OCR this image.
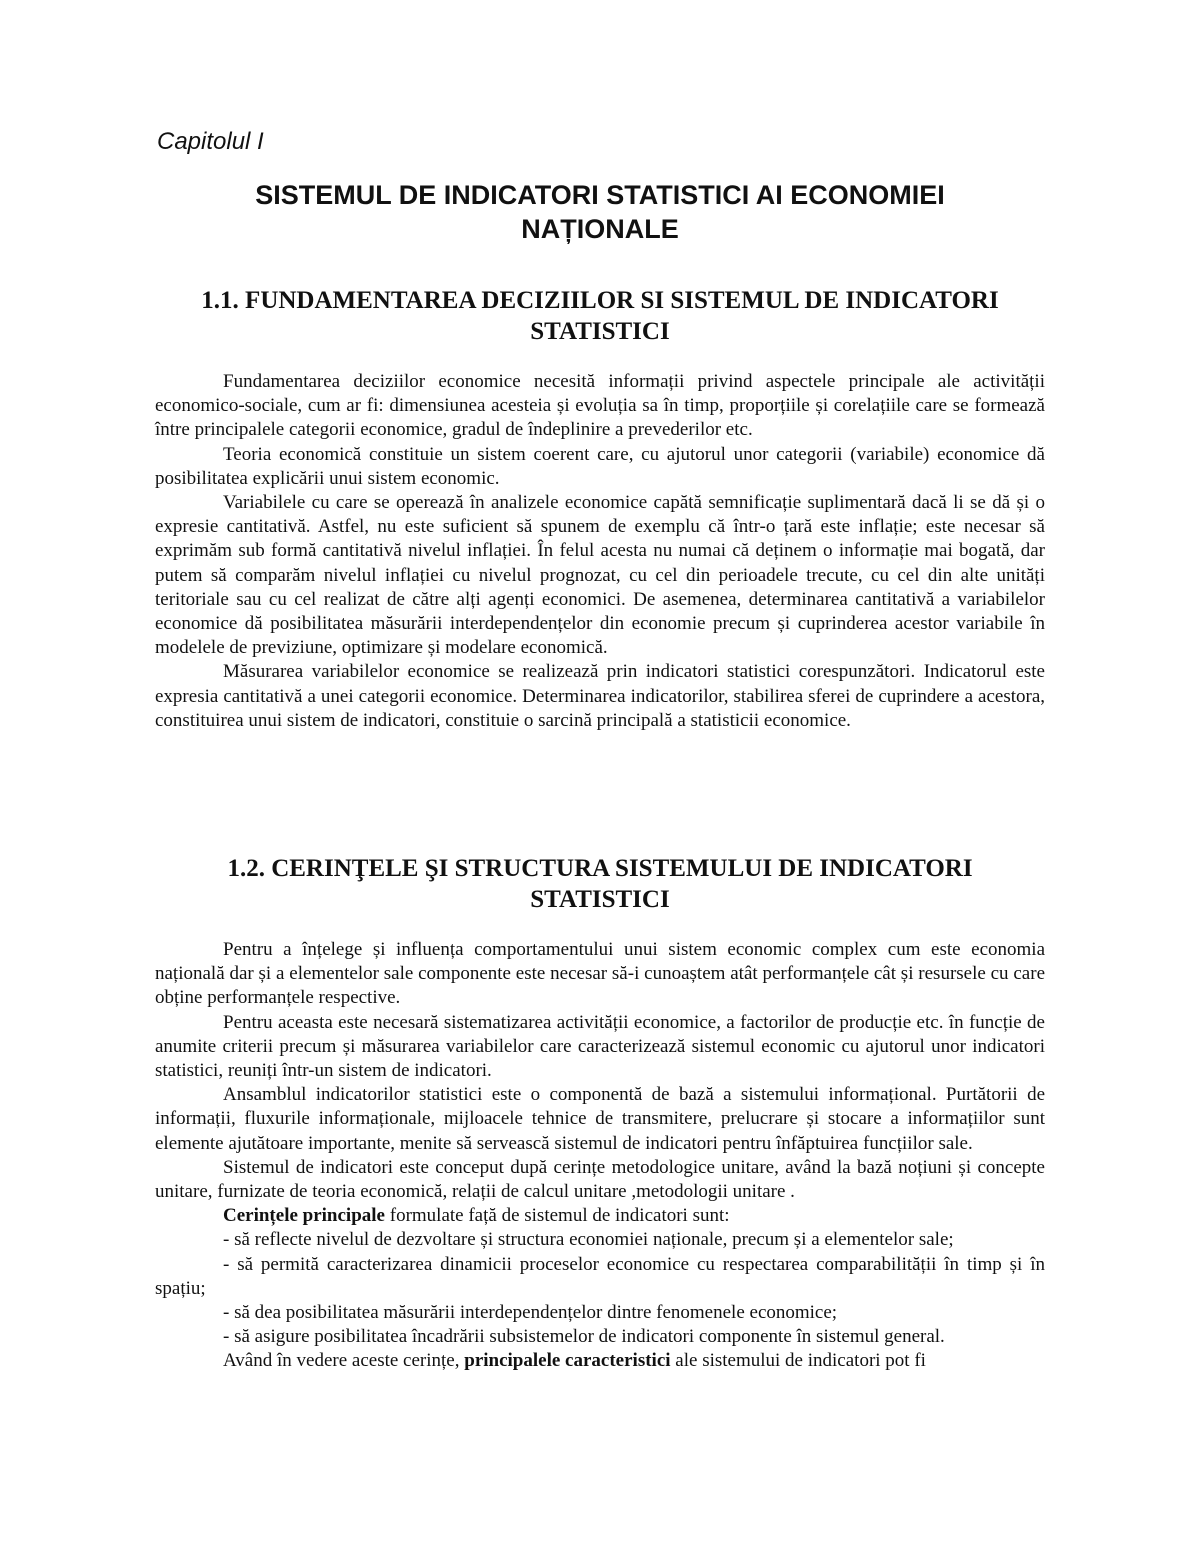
Capitolul I
SISTEMUL DE INDICATORI STATISTICI AI ECONOMIEI
NAȚIONALE
1.1. FUNDAMENTAREA DECIZIILOR SI SISTEMUL DE INDICATORI
STATISTICI

Fundamentarea deciziilor economice necesită informații privind aspectele principale ale activității economico-sociale, cum ar fi: dimensiunea acesteia și evoluția sa în timp, proporțiile și corelațiile care se formează între principalele categorii economice, gradul de îndeplinire a prevederilor etc.

Teoria economică constituie un sistem coerent care, cu ajutorul unor categorii (variabile) economice dă posibilitatea explicării unui sistem economic.

Variabilele cu care se operează în analizele economice capătă semnificație suplimentară dacă li se dă și o expresie cantitativă. Astfel, nu este suficient să spunem de exemplu că într-o țară este inflație; este necesar să exprimăm sub formă cantitativă nivelul inflației. În felul acesta nu numai că deținem o informație mai bogată, dar putem să comparăm nivelul inflației cu nivelul prognozat, cu cel din perioadele trecute, cu cel din alte unități teritoriale sau cu cel realizat de către alți agenți economici. De asemenea, determinarea cantitativă a variabilelor economice dă posibilitatea măsurării interdependențelor din economie precum și cuprinderea acestor variabile în modelele de previziune, optimizare și modelare economică.

Măsurarea variabilelor economice se realizează prin indicatori statistici corespunzători. Indicatorul este expresia cantitativă a unei categorii economice. Determinarea indicatorilor, stabilirea sferei de cuprindere a acestora, constituirea unui sistem de indicatori, constituie o sarcină principală a statisticii economice.

1.2. CERINŢELE ŞI STRUCTURA SISTEMULUI DE INDICATORI
STATISTICI

Pentru a înțelege și influența comportamentului unui sistem economic complex cum este economia națională dar și a elementelor sale componente este necesar să-i cunoaștem atât performanțele cât și resursele cu care obține performanțele respective.

Pentru aceasta este necesară sistematizarea activității economice, a factorilor de producție etc. în funcție de anumite criterii precum și măsurarea variabilelor care caracterizează sistemul economic cu ajutorul unor indicatori statistici, reuniți într-un sistem de indicatori.

Ansamblul indicatorilor statistici este o componentă de bază a sistemului informațional. Purtătorii de informații, fluxurile informaționale, mijloacele tehnice de transmitere, prelucrare și stocare a informațiilor sunt elemente ajutătoare importante, menite să servească sistemul de indicatori pentru înfăptuirea funcțiilor sale.

Sistemul de indicatori este conceput după cerințe metodologice unitare, având la bază noțiuni și concepte unitare, furnizate de teoria economică, relații de calcul unitare ,metodologii unitare .

Cerințele principale formulate față de sistemul de indicatori sunt:

- să reflecte nivelul de dezvoltare și structura economiei naționale, precum și a elementelor sale;

- să permită caracterizarea dinamicii proceselor economice cu respectarea comparabilității în timp și în spațiu;

- să dea posibilitatea măsurării interdependențelor dintre fenomenele economice;

- să asigure posibilitatea încadrării subsistemelor de indicatori componente în sistemul general.

Având în vedere aceste cerințe, principalele caracteristici ale sistemului de indicatori pot fi
